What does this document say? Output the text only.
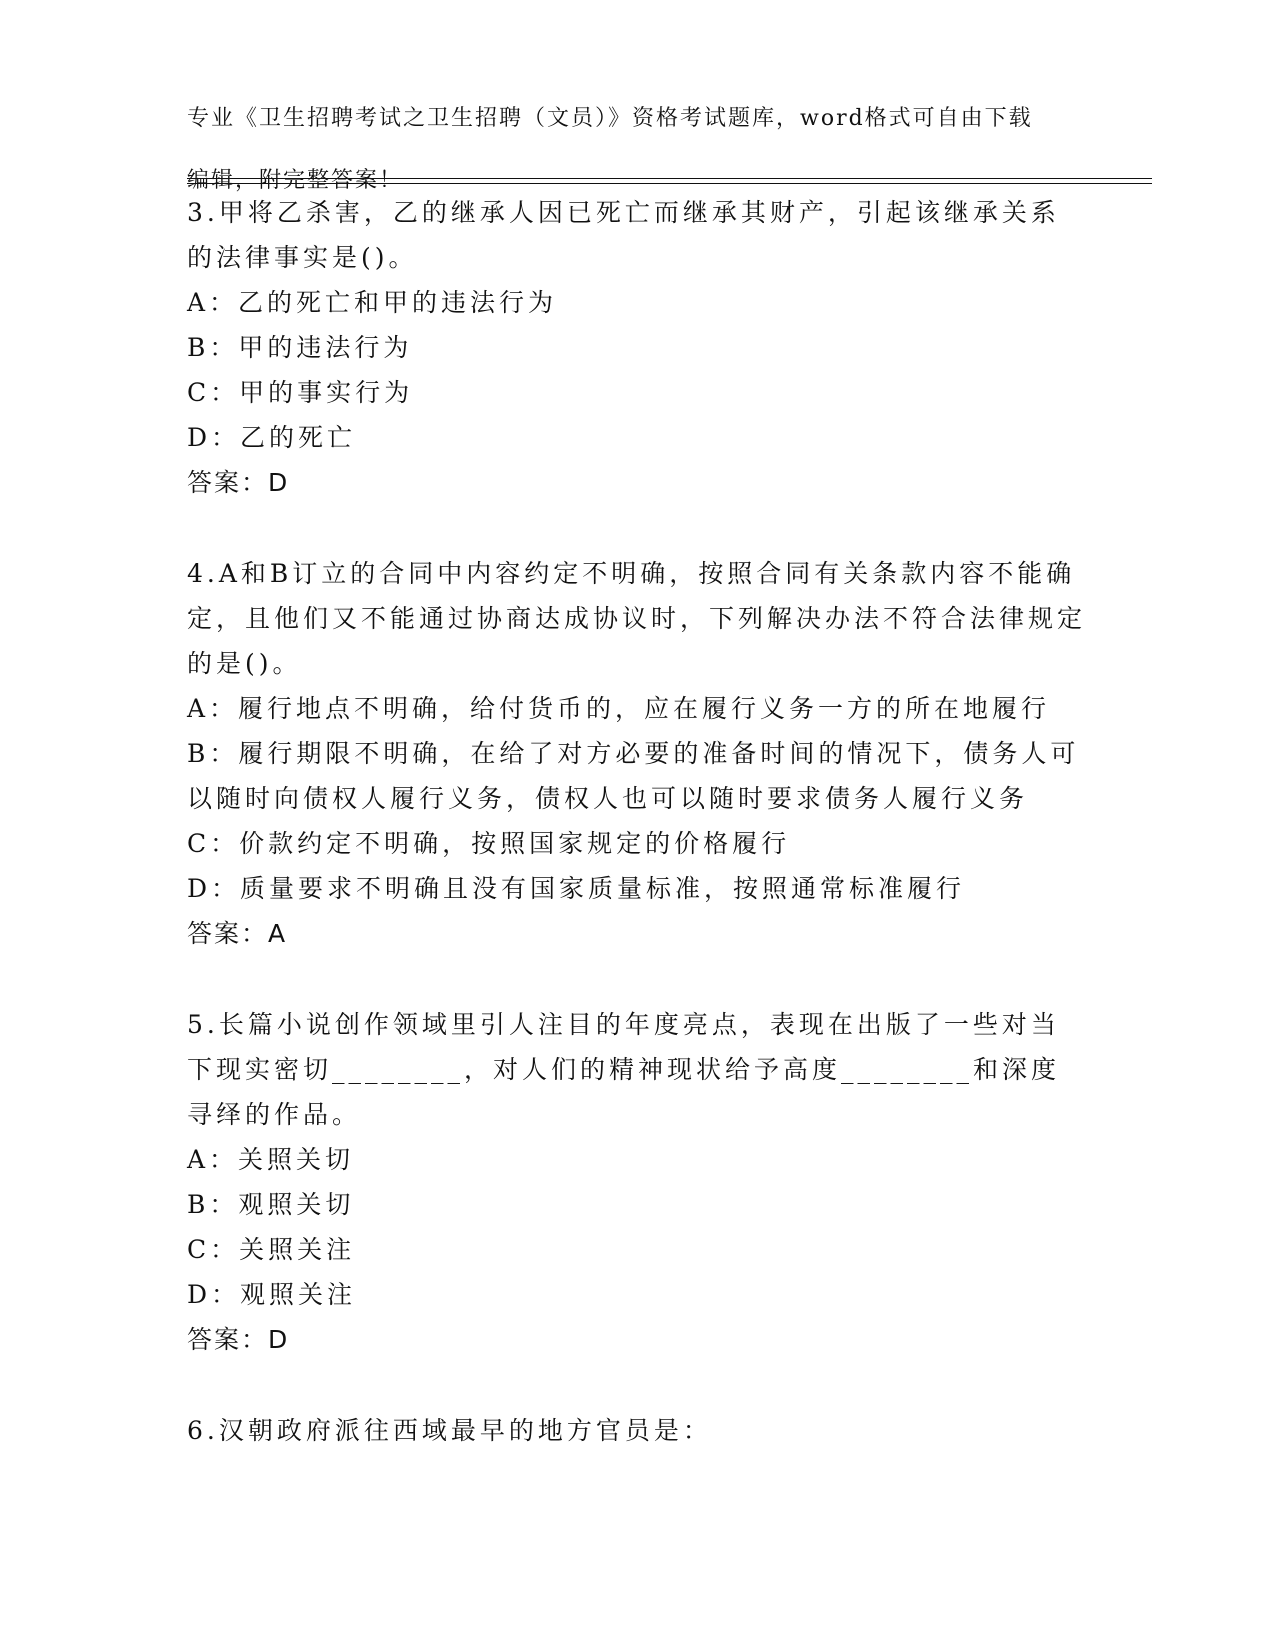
专业《卫生招聘考试之卫生招聘（文员）》资格考试题库，word格式可自由下载

编辑，附完整答案！

3.甲将乙杀害，乙的继承人因已死亡而继承其财产，引起该继承关系的法律事实是()。

A：乙的死亡和甲的违法行为

B：甲的违法行为

C：甲的事实行为

D：乙的死亡

答案：D

4.A和B订立的合同中内容约定不明确，按照合同有关条款内容不能确定，且他们又不能通过协商达成协议时，下列解决办法不符合法律规定的是()。

A：履行地点不明确，给付货币的，应在履行义务一方的所在地履行

B：履行期限不明确，在给了对方必要的准备时间的情况下，债务人可以随时向债权人履行义务，债权人也可以随时要求债务人履行义务

C：价款约定不明确，按照国家规定的价格履行

D：质量要求不明确且没有国家质量标准，按照通常标准履行

答案：A

5.长篇小说创作领域里引人注目的年度亮点，表现在出版了一些对当下现实密切________，对人们的精神现状给予高度________和深度寻绎的作品。

A：关照关切

B：观照关切

C：关照关注

D：观照关注

答案：D

6.汉朝政府派往西域最早的地方官员是：
